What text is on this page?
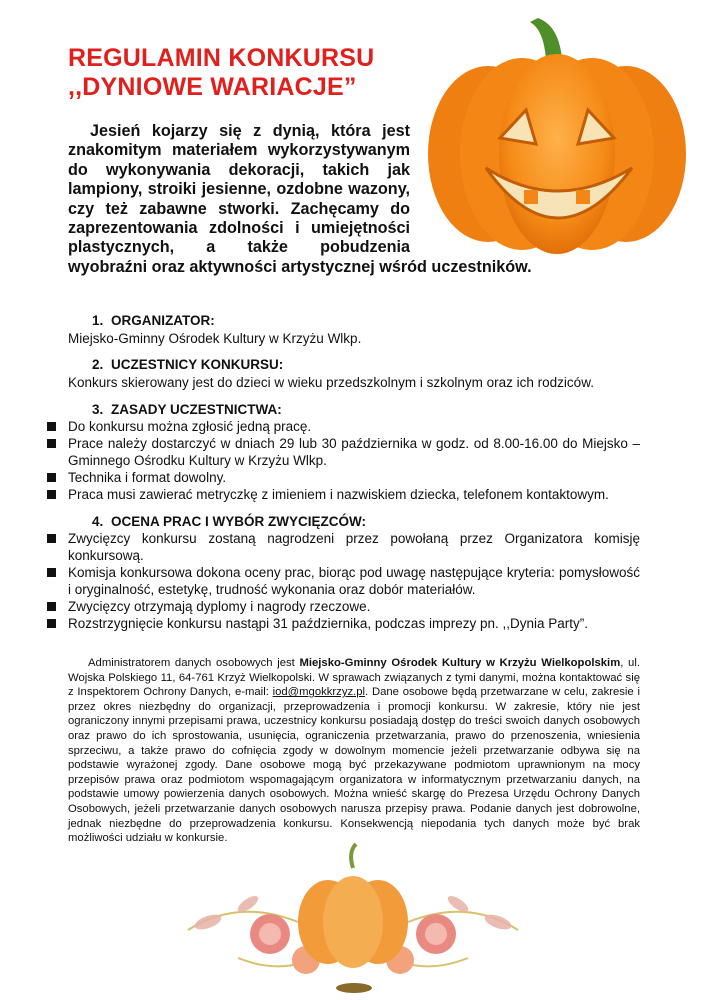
REGULAMIN KONKURSU
,,DYNIOWE WARIACJE”

Jesień kojarzy się z dynią, która jest znakomitym materiałem wykorzystywanym do wykonywania dekoracji, takich jak lampiony, stroiki jesienne, ozdobne wazony, czy też zabawne stworki. Zachęcamy do zaprezentowania zdolności i umiejętności plastycznych, a także pobudzenia wyobraźni oraz aktywności artystycznej wśród uczestników.

1. ORGANIZATOR:
Miejsko-Gminny Ośrodek Kultury w Krzyżu Wlkp.
2. UCZESTNICY KONKURSU:
Konkurs skierowany jest do dzieci w wieku przedszkolnym i szkolnym oraz ich rodziców.
3. ZASADY UCZESTNICTWA:
Do konkursu można zgłosić jedną pracę.
Prace należy dostarczyć w dniach 29 lub 30 października w godz. od 8.00-16.00 do Miejsko – Gminnego Ośrodku Kultury w Krzyżu Wlkp.
Technika i format dowolny.
Praca musi zawierać metryczkę z imieniem i nazwiskiem dziecka, telefonem kontaktowym.
4. OCENA PRAC I WYBÓR ZWYCIĘZCÓW:
Zwycięzcy konkursu zostaną nagrodzeni przez powołaną przez Organizatora komisję konkursową.
Komisja konkursowa dokona oceny prac, biorąc pod uwagę następujące kryteria: pomysłowość i oryginalność, estetykę, trudność wykonania oraz dobór materiałów.
Zwycięzcy otrzymają dyplomy i nagrody rzeczowe.
Rozstrzygnięcie konkursu nastąpi 31 października, podczas imprezy pn. ,,Dynia Party”.

Administratorem danych osobowych jest Miejsko-Gminny Ośrodek Kultury w Krzyżu Wielkopolskim, ul. Wojska Polskiego 11, 64-761 Krzyż Wielkopolski. W sprawach związanych z tymi danymi, można kontaktować się z Inspektorem Ochrony Danych, e-mail: iod@mgokkrzyz.pl. Dane osobowe będą przetwarzane w celu, zakresie i przez okres niezbędny do organizacji, przeprowadzenia i promocji konkursu. W zakresie, który nie jest ograniczony innymi przepisami prawa, uczestnicy konkursu posiadają dostęp do treści swoich danych osobowych oraz prawo do ich sprostowania, usunięcia, ograniczenia przetwarzania, prawo do przenoszenia, wniesienia sprzeciwu, a także prawo do cofnięcia zgody w dowolnym momencie jeżeli przetwarzanie odbywa się na podstawie wyrażonej zgody. Dane osobowe mogą być przekazywane podmiotom uprawnionym na mocy przepisów prawa oraz podmiotom wspomagającym organizatora w informatycznym przetwarzaniu danych, na podstawie umowy powierzenia danych osobowych. Można wnieść skargę do Prezesa Urzędu Ochrony Danych Osobowych, jeżeli przetwarzanie danych osobowych narusza przepisy prawa. Podanie danych jest dobrowolne, jednak niezbędne do przeprowadzenia konkursu. Konsekwencją niepodania tych danych może być brak możliwości udziału w konkursie.
